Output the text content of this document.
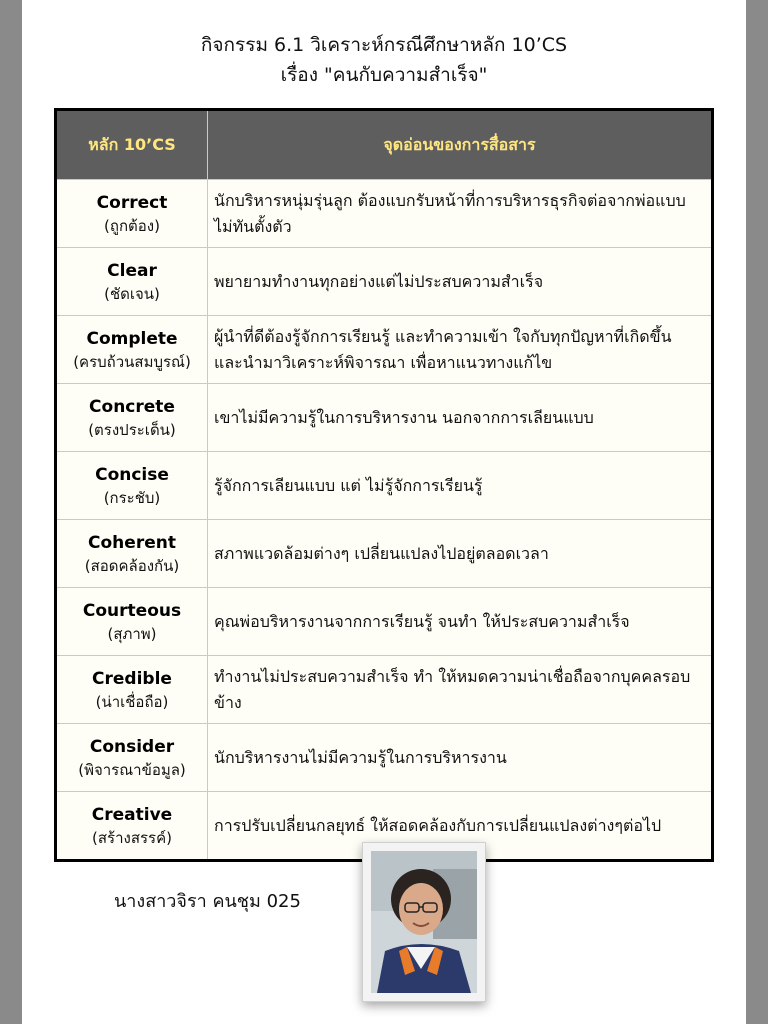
กิจกรรม 6.1 วิเคราะห์กรณีศึกษาหลัก 10’CS
เรื่อง "คนกับความสำเร็จ"
หลัก 10’CS	จุดอ่อนของการสื่อสาร

Correct
(ถูกต้อง)	นักบริหารหนุ่มรุ่นลูก ต้องแบกรับหน้าที่การบริหารธุรกิจต่อจากพ่อแบบไม่ทันตั้งตัว

Clear
(ชัดเจน)	พยายามทำงานทุกอย่างแต่ไม่ประสบความสำเร็จ

Complete
(ครบถ้วนสมบูรณ์)	ผู้นำที่ดีต้องรู้จักการเรียนรู้ และทำความเข้า ใจกับทุกปัญหาที่เกิดขึ้น และนำมาวิเคราะห์พิจารณา เพื่อหาแนวทางแก้ไข

Concrete
(ตรงประเด็น)	เขาไม่มีความรู้ในการบริหารงาน นอกจากการเลียนแบบ

Concise
(กระชับ)	รู้จักการเลียนแบบ แต่ ไม่รู้จักการเรียนรู้

Coherent
(สอดคล้องกัน)	สภาพแวดล้อมต่างๆ เปลี่ยนแปลงไปอยู่ตลอดเวลา

Courteous
(สุภาพ)	คุณพ่อบริหารงานจากการเรียนรู้ จนทำ ให้ประสบความสำเร็จ

Credible
(น่าเชื่อถือ)	ทำงานไม่ประสบความสำเร็จ ทำ ให้หมดความน่าเชื่อถือจากบุคคลรอบข้าง

Consider
(พิจารณาข้อมูล)	นักบริหารงานไม่มีความรู้ในการบริหารงาน

Creative
(สร้างสรรค์)	การปรับเปลี่ยนกลยุทธ์ ให้สอดคล้องกับการเปลี่ยนแปลงต่างๆต่อไป
นางสาวจิรา คนชุม 025
